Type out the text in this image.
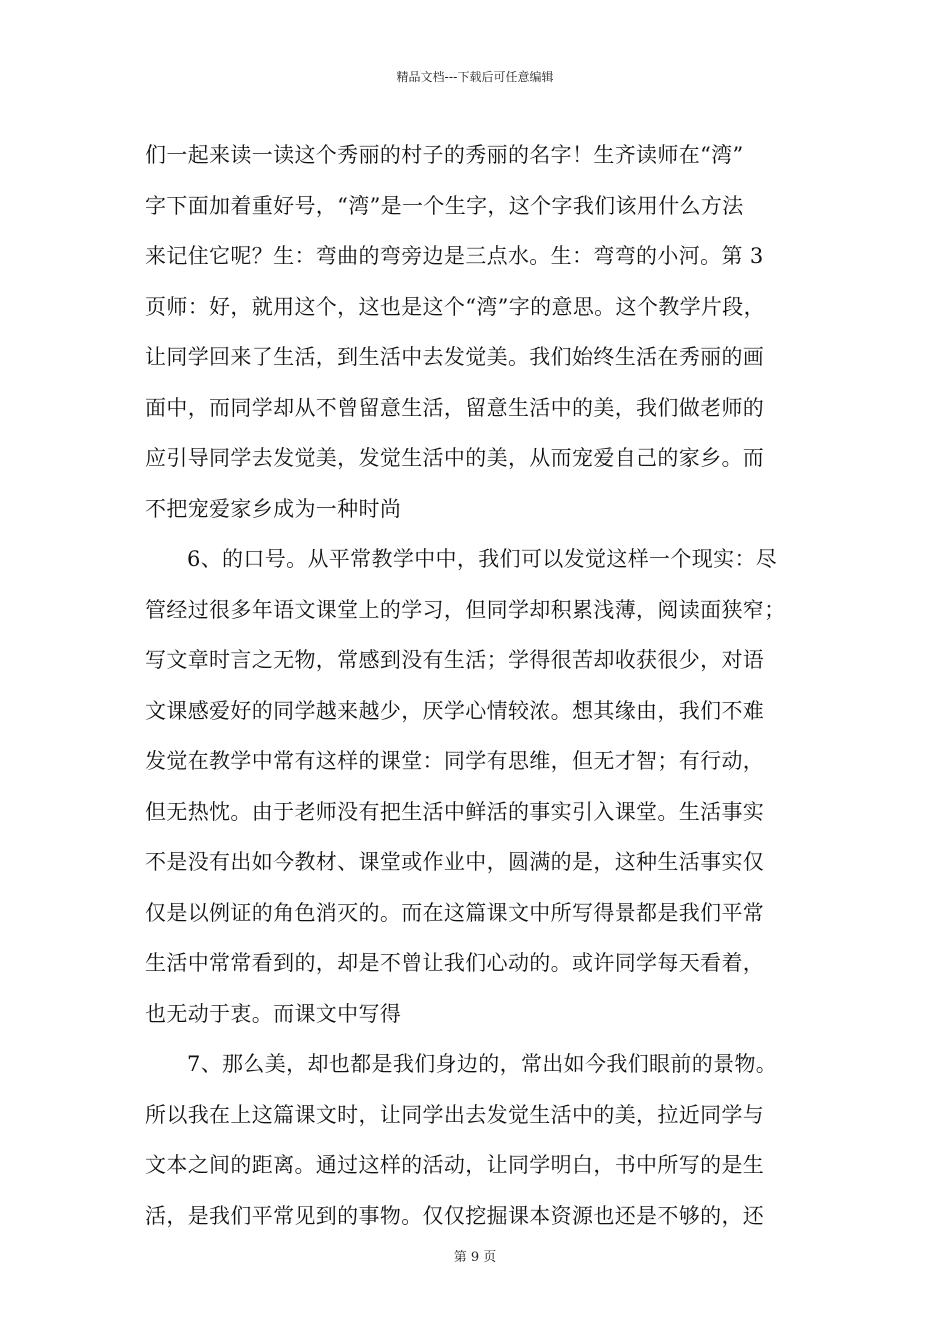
精品文档---下载后可任意编辑

们一起来读一读这个秀丽的村子的秀丽的名字！生齐读师在“湾”
字下面加着重好号，“湾”是一个生字，这个字我们该用什么方法
来记住它呢？生：弯曲的弯旁边是三点水。生：弯弯的小河。第 3
页师：好，就用这个，这也是这个“湾”字的意思。这个教学片段，
让同学回来了生活，到生活中去发觉美。我们始终生活在秀丽的画
面中，而同学却从不曾留意生活，留意生活中的美，我们做老师的
应引导同学去发觉美，发觉生活中的美，从而宠爱自己的家乡。而
不把宠爱家乡成为一种时尚

6、的口号。从平常教学中中，我们可以发觉这样一个现实：尽
管经过很多年语文课堂上的学习，但同学却积累浅薄，阅读面狭窄；
写文章时言之无物，常感到没有生活；学得很苦却收获很少，对语
文课感爱好的同学越来越少，厌学心情较浓。想其缘由，我们不难
发觉在教学中常有这样的课堂：同学有思维，但无才智；有行动，
但无热忱。由于老师没有把生活中鲜活的事实引入课堂。生活事实
不是没有出如今教材、课堂或作业中，圆满的是，这种生活事实仅
仅是以例证的角色消灭的。而在这篇课文中所写得景都是我们平常
生活中常常看到的，却是不曾让我们心动的。或许同学每天看着，
也无动于衷。而课文中写得

7、那么美，却也都是我们身边的，常出如今我们眼前的景物。
所以我在上这篇课文时，让同学出去发觉生活中的美，拉近同学与
文本之间的距离。通过这样的活动，让同学明白，书中所写的是生
活，是我们平常见到的事物。仅仅挖掘课本资源也还是不够的，还

第 9 页
